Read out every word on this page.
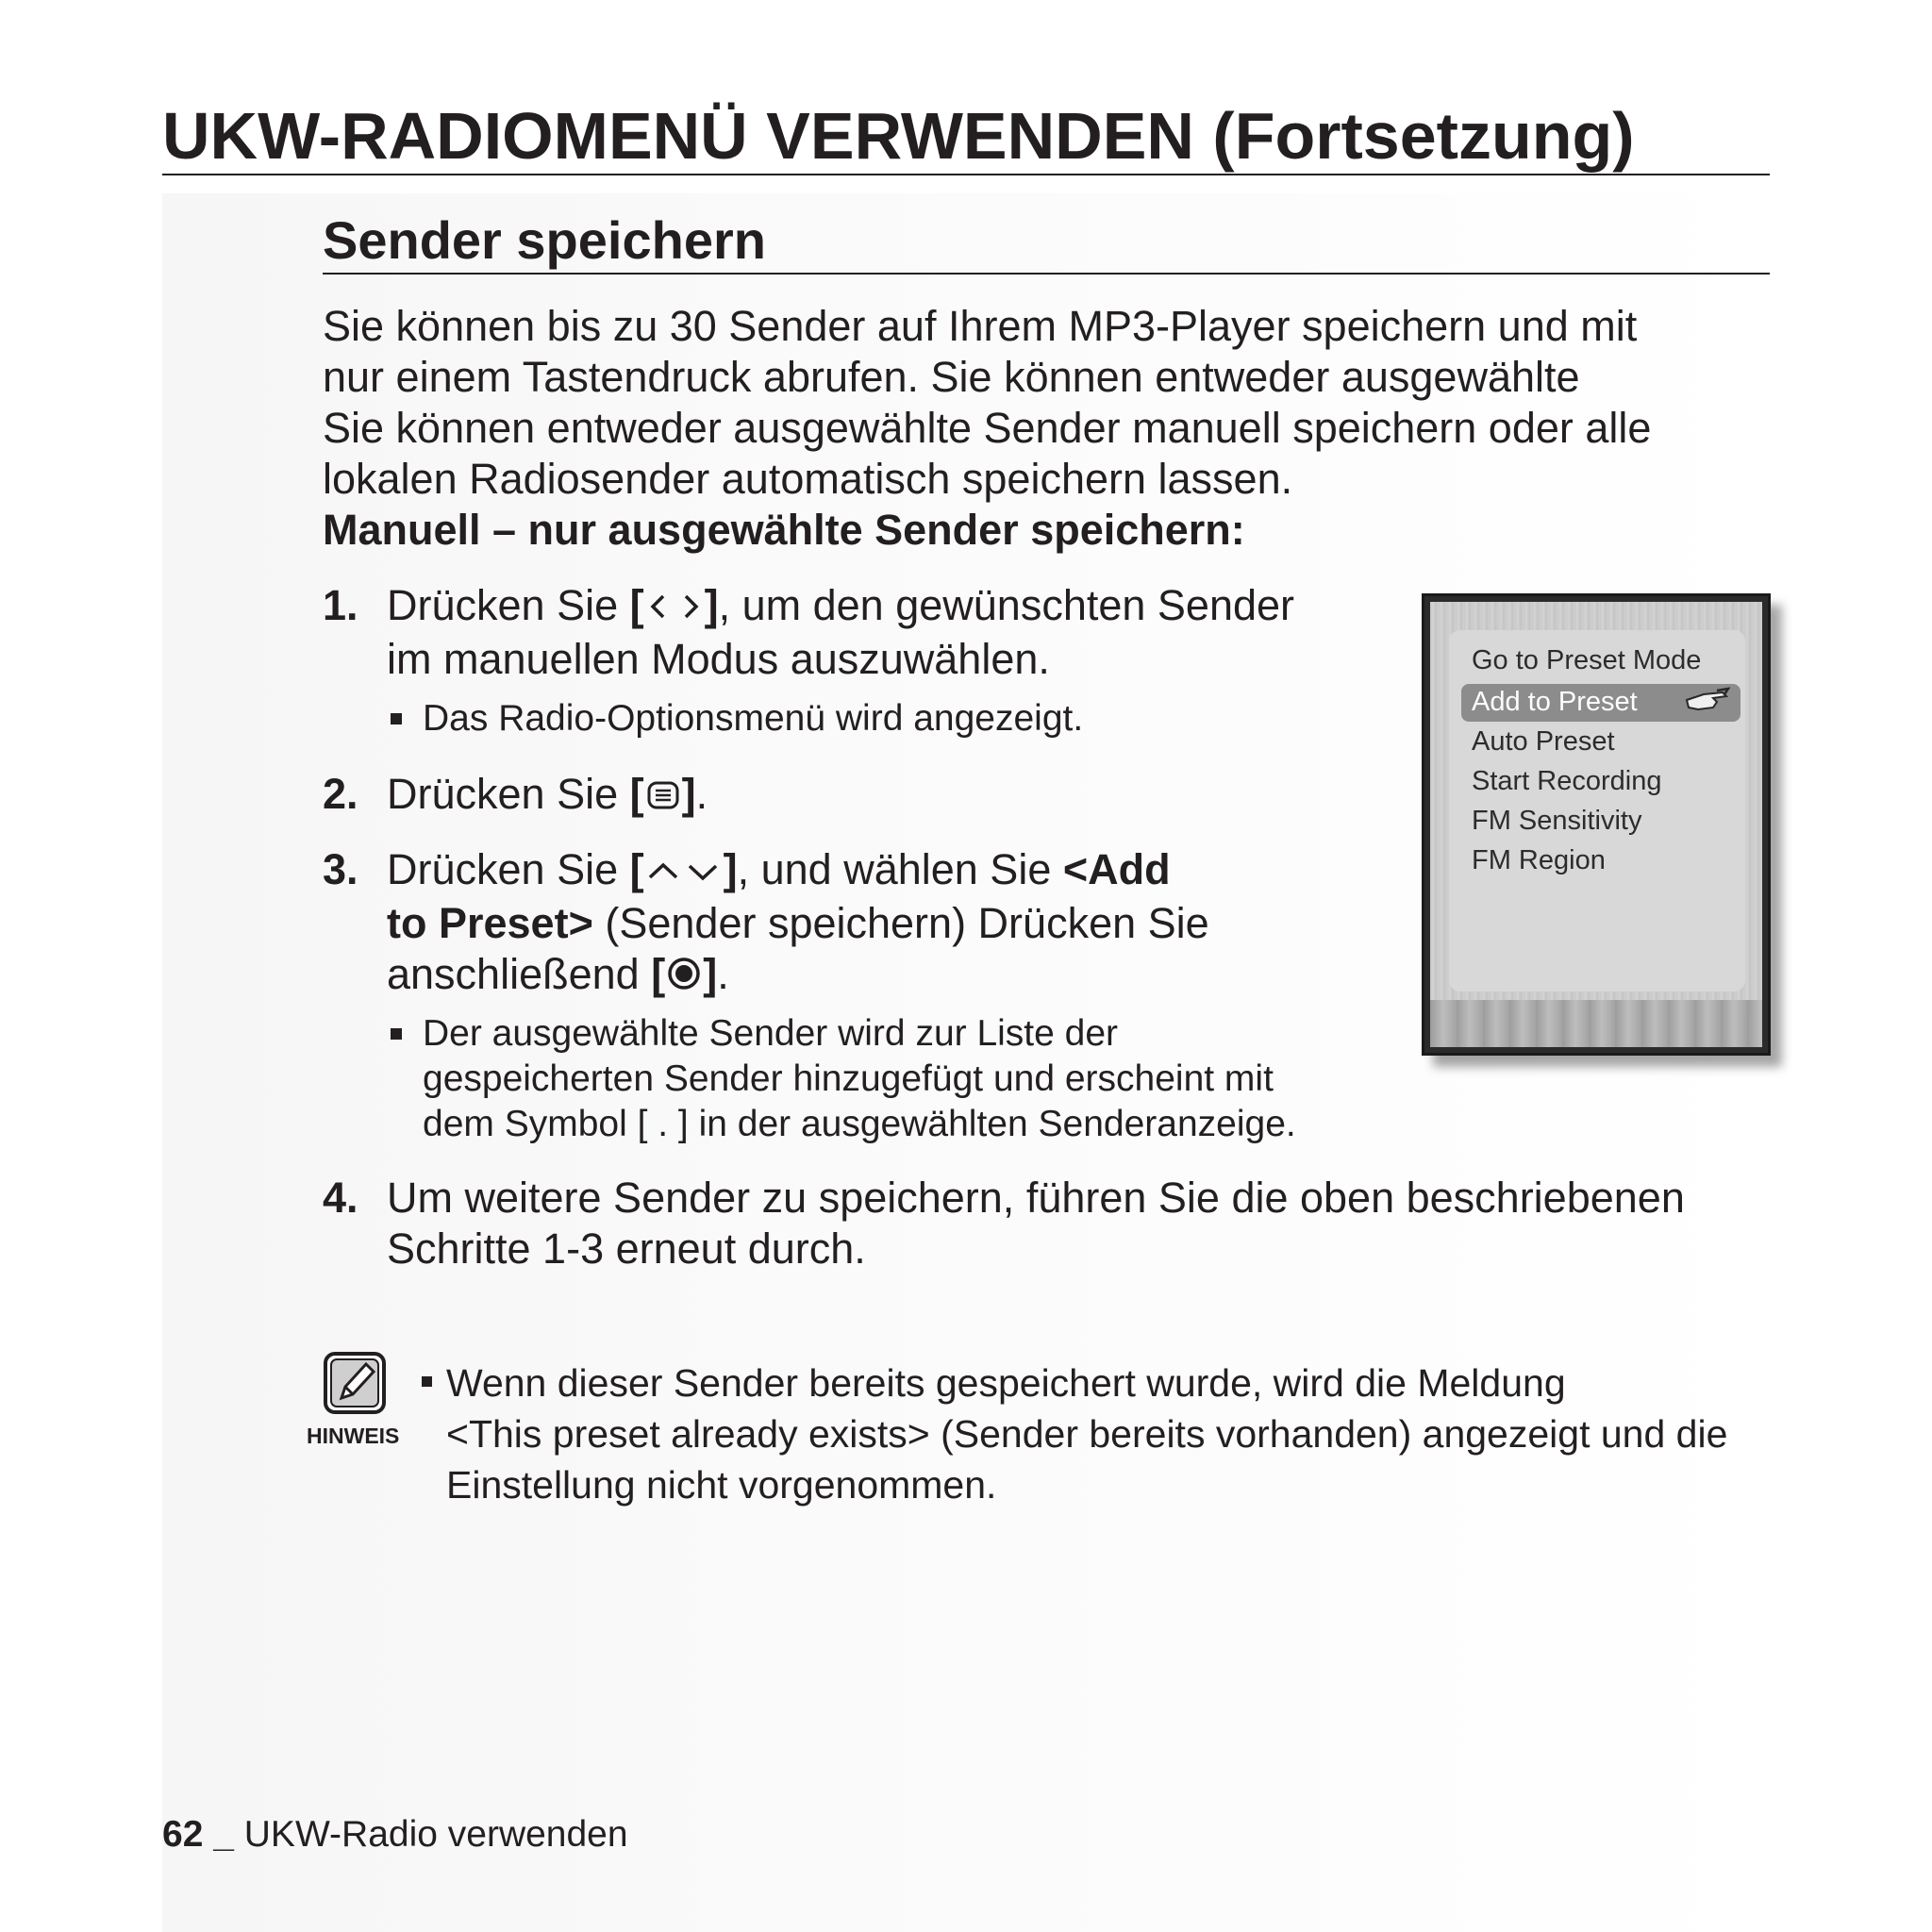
UKW-RADIOMENÜ VERWENDEN (Fortsetzung)
Sender speichern
Sie können bis zu 30 Sender auf Ihrem MP3-Player speichern und mit
nur einem Tastendruck abrufen. Sie können entweder ausgewählte
Sie können entweder ausgewählte Sender manuell speichern oder alle
lokalen Radiosender automatisch speichern lassen.
Manuell – nur ausgewählte Sender speichern:
1. Drücken Sie [ ], um den gewünschten Sender
im manuellen Modus auszuwählen.
Das Radio-Optionsmenü wird angezeigt.
2. Drücken Sie [ ].
3. Drücken Sie [ ], und wählen Sie <Add
to Preset> (Sender speichern) Drücken Sie
anschließend [ ].
Der ausgewählte Sender wird zur Liste der
gespeicherten Sender hinzugefügt und erscheint mit
dem Symbol [ . ] in der ausgewählten Senderanzeige.
4. Um weitere Sender zu speichern, führen Sie die oben beschriebenen
Schritte 1-3 erneut durch.
Go to Preset Mode
Add to Preset
Auto Preset
Start Recording
FM Sensitivity
FM Region
HINWEIS
Wenn dieser Sender bereits gespeichert wurde, wird die Meldung
<This preset already exists> (Sender bereits vorhanden) angezeigt und die
Einstellung nicht vorgenommen.
62 _ UKW-Radio verwenden
